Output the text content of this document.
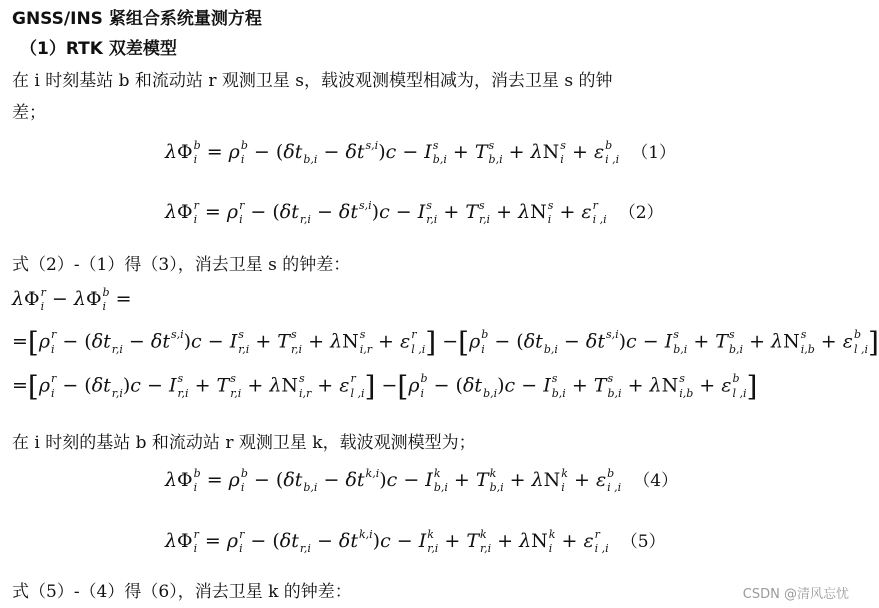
GNSS/INS 紧组合系统量测方程
（1）RTK 双差模型
在 i 时刻基站 b 和流动站 r 观测卫星 s，载波观测模型相减为，消去卫星 s 的钟
差；
λΦ b
i = ρ b
i − (δt
b,i − δt s,i
)c − I s
b,i + T s
b,i + λN s
i + ε b
i ,i （1）
λΦ r
i = ρ r
i − (δt
r,i − δt s,i
)c − I s
r,i + T s
r,i + λN s
i + ε r
i ,i （2）
式（2）-（1）得（3），消去卫星 s 的钟差：
λΦ r
i − λΦ b
i =
=[ρ r
i − (δt
r,i − δt s,i
)c − I s
r,i + T s
r,i + λN s
i,r + ε r
l ,i ] −[ρ b
i − (δt
b,i − δt s,i
)c − I s
b,i + T s
b,i + λN s
i,b + ε b
l ,i ]
=[ρ r
i − (δt
r,i )c − I s
r,i + T s
r,i + λN s
i,r + ε r
l ,i ] −[ρ b
i − (δt
b,i )c − I s
b,i + T s
b,i + λN s
i,b + ε b
l ,i ]
在 i 时刻的基站 b 和流动站 r 观测卫星 k，载波观测模型为；
λΦ b
i = ρ b
i − (δt
b,i − δt k,i
)c − I k
b,i + T k
b,i + λN k
i + ε b
i ,i （4）
λΦ r
i = ρ r
i − (δt
r,i − δt k,i
)c − I k
r,i + T k
r,i + λN k
i + ε r
i ,i （5）
式（5）-（4）得（6），消去卫星 k 的钟差：	CSDN @清风忘忧
